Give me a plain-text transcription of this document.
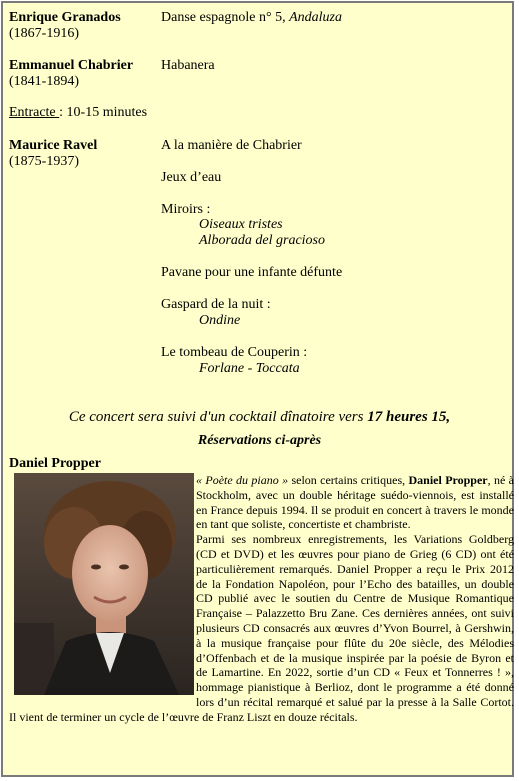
Enrique Granados
(1867-1916)
Danse espagnole n° 5, Andaluza
Emmanuel Chabrier
(1841-1894)
Habanera
Entracte : 10-15 minutes
Maurice Ravel
(1875-1937)
A la manière de Chabrier
Jeux d’eau
Miroirs :
Oiseaux tristes
Alborada del gracioso
Pavane pour une infante défunte
Gaspard de la nuit :
Ondine
Le tombeau de Couperin :
Forlane - Toccata
Ce concert sera suivi d'un cocktail dînatoire vers 17 heures 15,
Réservations ci-après
Daniel Propper

« Poète du piano » selon certains critiques, Daniel Propper, né à Stockholm, avec un double héritage suédo-viennois, est installé en France depuis 1994. Il se produit en concert à travers le monde en tant que soliste, concertiste et chambriste.

Parmi ses nombreux enregistrements, les Variations Goldberg (CD et DVD) et les œuvres pour piano de Grieg (6 CD) ont été particulièrement remarqués. Daniel Propper a reçu le Prix 2012 de la Fondation Napoléon, pour l’Echo des batailles, un double CD publié avec le soutien du Centre de Musique Romantique Française – Palazzetto Bru Zane. Ces dernières années, ont suivi plusieurs CD consacrés aux œuvres d’Yvon Bourrel, à Gershwin, à la musique française pour flûte du 20e siècle, des Mélodies d’Offenbach et de la musique inspirée par la poésie de Byron et de Lamartine. En 2022, sortie d’un CD « Feux et Tonnerres ! », hommage pianistique à Berlioz, dont le programme a été donné lors d’un récital remarqué et salué par la presse à la Salle Cortot. Il vient de terminer un cycle de l’œuvre de Franz Liszt en douze récitals.
